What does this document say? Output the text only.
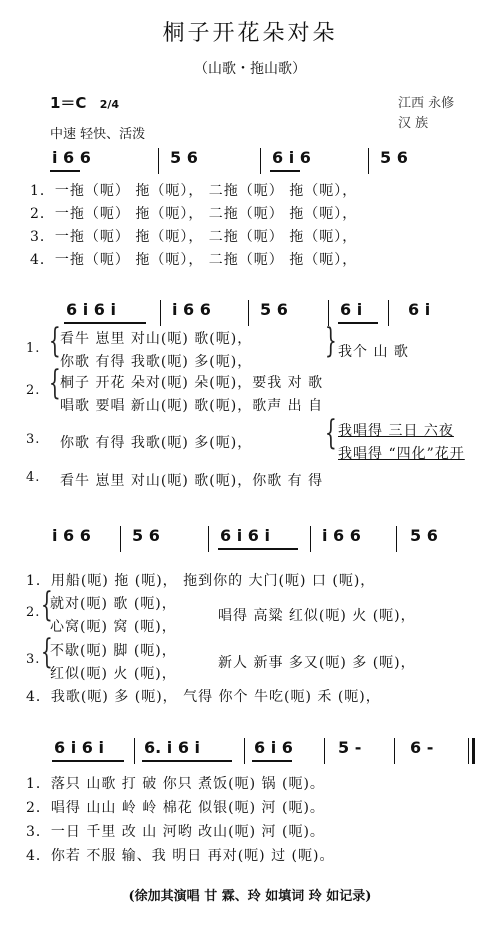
桐子开花朵对朵
（山歌・拖山歌）
1＝C 2/4
中速 轻快、活泼
江西 永修
汉 族
i 6 6	5 6	6 i 6	5 6
1．一拖（呃） 拖（呃）， 二拖（呃） 拖（呃），
2．一拖（呃） 拖（呃）， 二拖（呃） 拖（呃），
3．一拖（呃） 拖（呃）， 二拖（呃） 拖（呃），
4．一拖（呃） 拖（呃）， 二拖（呃） 拖（呃），
6 i 6 i	i 6 6	5 6	6 i	6 i
1. { 看牛 崽里 对山(呃) 歌(呃)，
你歌 有得 我歌(呃) 多(呃)，
} 我个 山 歌
2. { 桐子 开花 朵对(呃) 朵(呃)，要我 对 歌
唱歌 要唱 新山(呃) 歌(呃)，歌声 出 自
3. 你歌 有得 我歌(呃) 多(呃)， { 我唱得 三日 六夜
我唱得 “四化”花开
4. 看牛 崽里 对山(呃) 歌(呃)，你歌 有 得
i 6 6	5 6	6 i 6 i	i 6 6	5 6
1．用船(呃) 拖 (呃)， 拖到你的 大门(呃) 口 (呃)，
2. {
就对(呃) 歌 (呃)，
心窝(呃) 窝 (呃)，
唱得 高粱 红似(呃) 火 (呃)，
3. {
不歇(呃) 脚 (呃)，
红似(呃) 火 (呃)，
新人 新事 多又(呃) 多 (呃)，
4．我歌(呃) 多 (呃)， 气得 你个 牛吃(呃) 禾 (呃)，
6 i 6 i	6. i 6 i	6 i 6	5 -	6 -
1．落只 山歌 打 破 你只 煮饭(呃) 锅 (呃)。
2．唱得 山山 岭 岭 棉花 似银(呃) 河 (呃)。
3．一日 千里 改 山 河哟 改山(呃) 河 (呃)。
4．你若 不服 输、我 明日 再对(呃) 过 (呃)。
(徐加其演唱 甘 霖、玲 如填词 玲 如记录)
